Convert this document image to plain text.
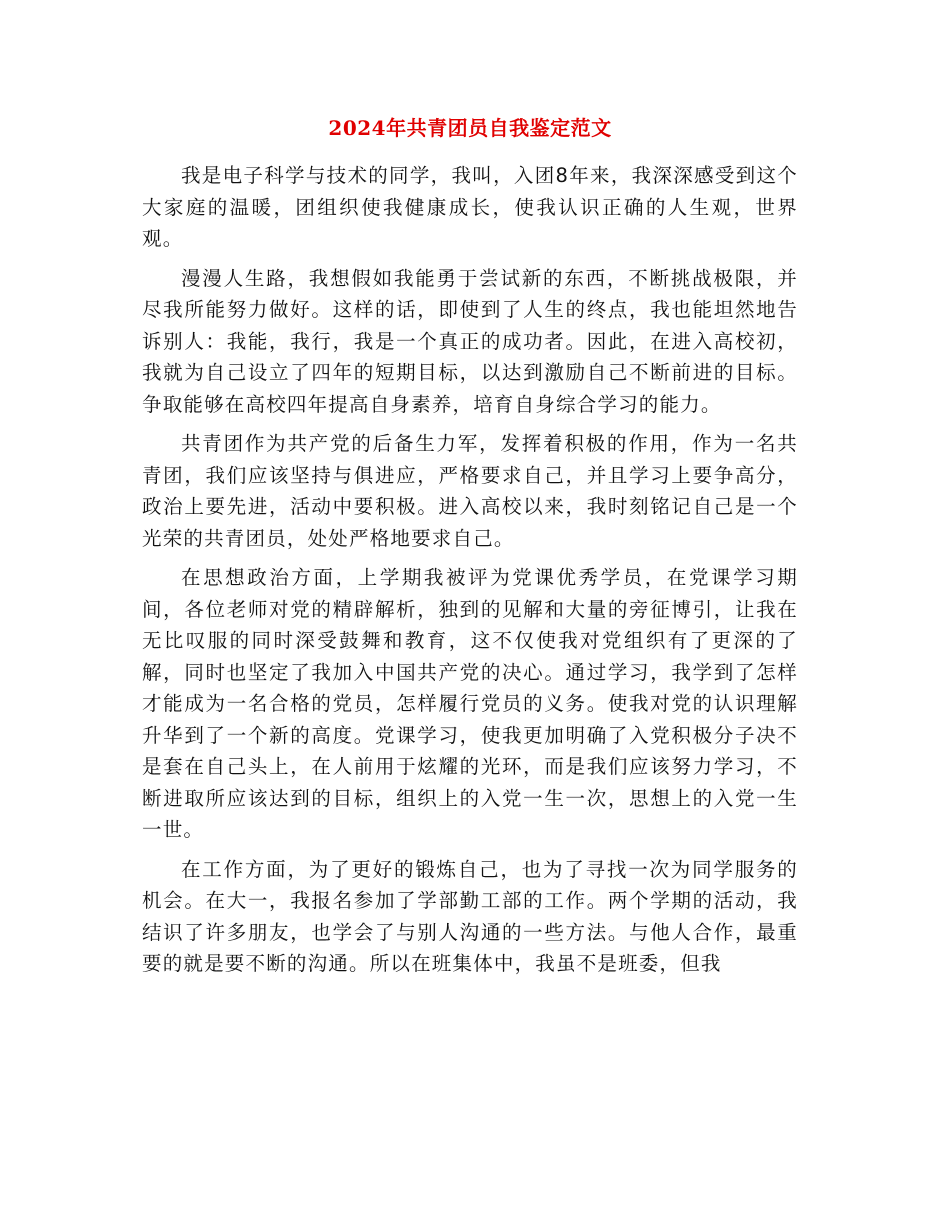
2024年共青团员自我鉴定范文

我是电子科学与技术的同学，我叫，入团8年来，我深深感受到这个大家庭的温暖，团组织使我健康成长，使我认识正确的人生观，世界观。

漫漫人生路，我想假如我能勇于尝试新的东西，不断挑战极限，并尽我所能努力做好。这样的话，即使到了人生的终点，我也能坦然地告诉别人：我能，我行，我是一个真正的成功者。因此，在进入高校初，我就为自己设立了四年的短期目标，以达到激励自己不断前进的目标。争取能够在高校四年提高自身素养，培育自身综合学习的能力。

共青团作为共产党的后备生力军，发挥着积极的作用，作为一名共青团，我们应该坚持与俱进应，严格要求自己，并且学习上要争高分，政治上要先进，活动中要积极。进入高校以来，我时刻铭记自己是一个光荣的共青团员，处处严格地要求自己。

在思想政治方面，上学期我被评为党课优秀学员，在党课学习期间，各位老师对党的精辟解析，独到的见解和大量的旁征博引，让我在无比叹服的同时深受鼓舞和教育，这不仅使我对党组织有了更深的了解，同时也坚定了我加入中国共产党的决心。通过学习，我学到了怎样才能成为一名合格的党员，怎样履行党员的义务。使我对党的认识理解升华到了一个新的高度。党课学习，使我更加明确了入党积极分子决不是套在自己头上，在人前用于炫耀的光环，而是我们应该努力学习，不断进取所应该达到的目标，组织上的入党一生一次，思想上的入党一生一世。

在工作方面，为了更好的锻炼自己，也为了寻找一次为同学服务的机会。在大一，我报名参加了学部勤工部的工作。两个学期的活动，我结识了许多朋友，也学会了与别人沟通的一些方法。与他人合作，最重要的就是要不断的沟通。所以在班集体中，我虽不是班委，但我
